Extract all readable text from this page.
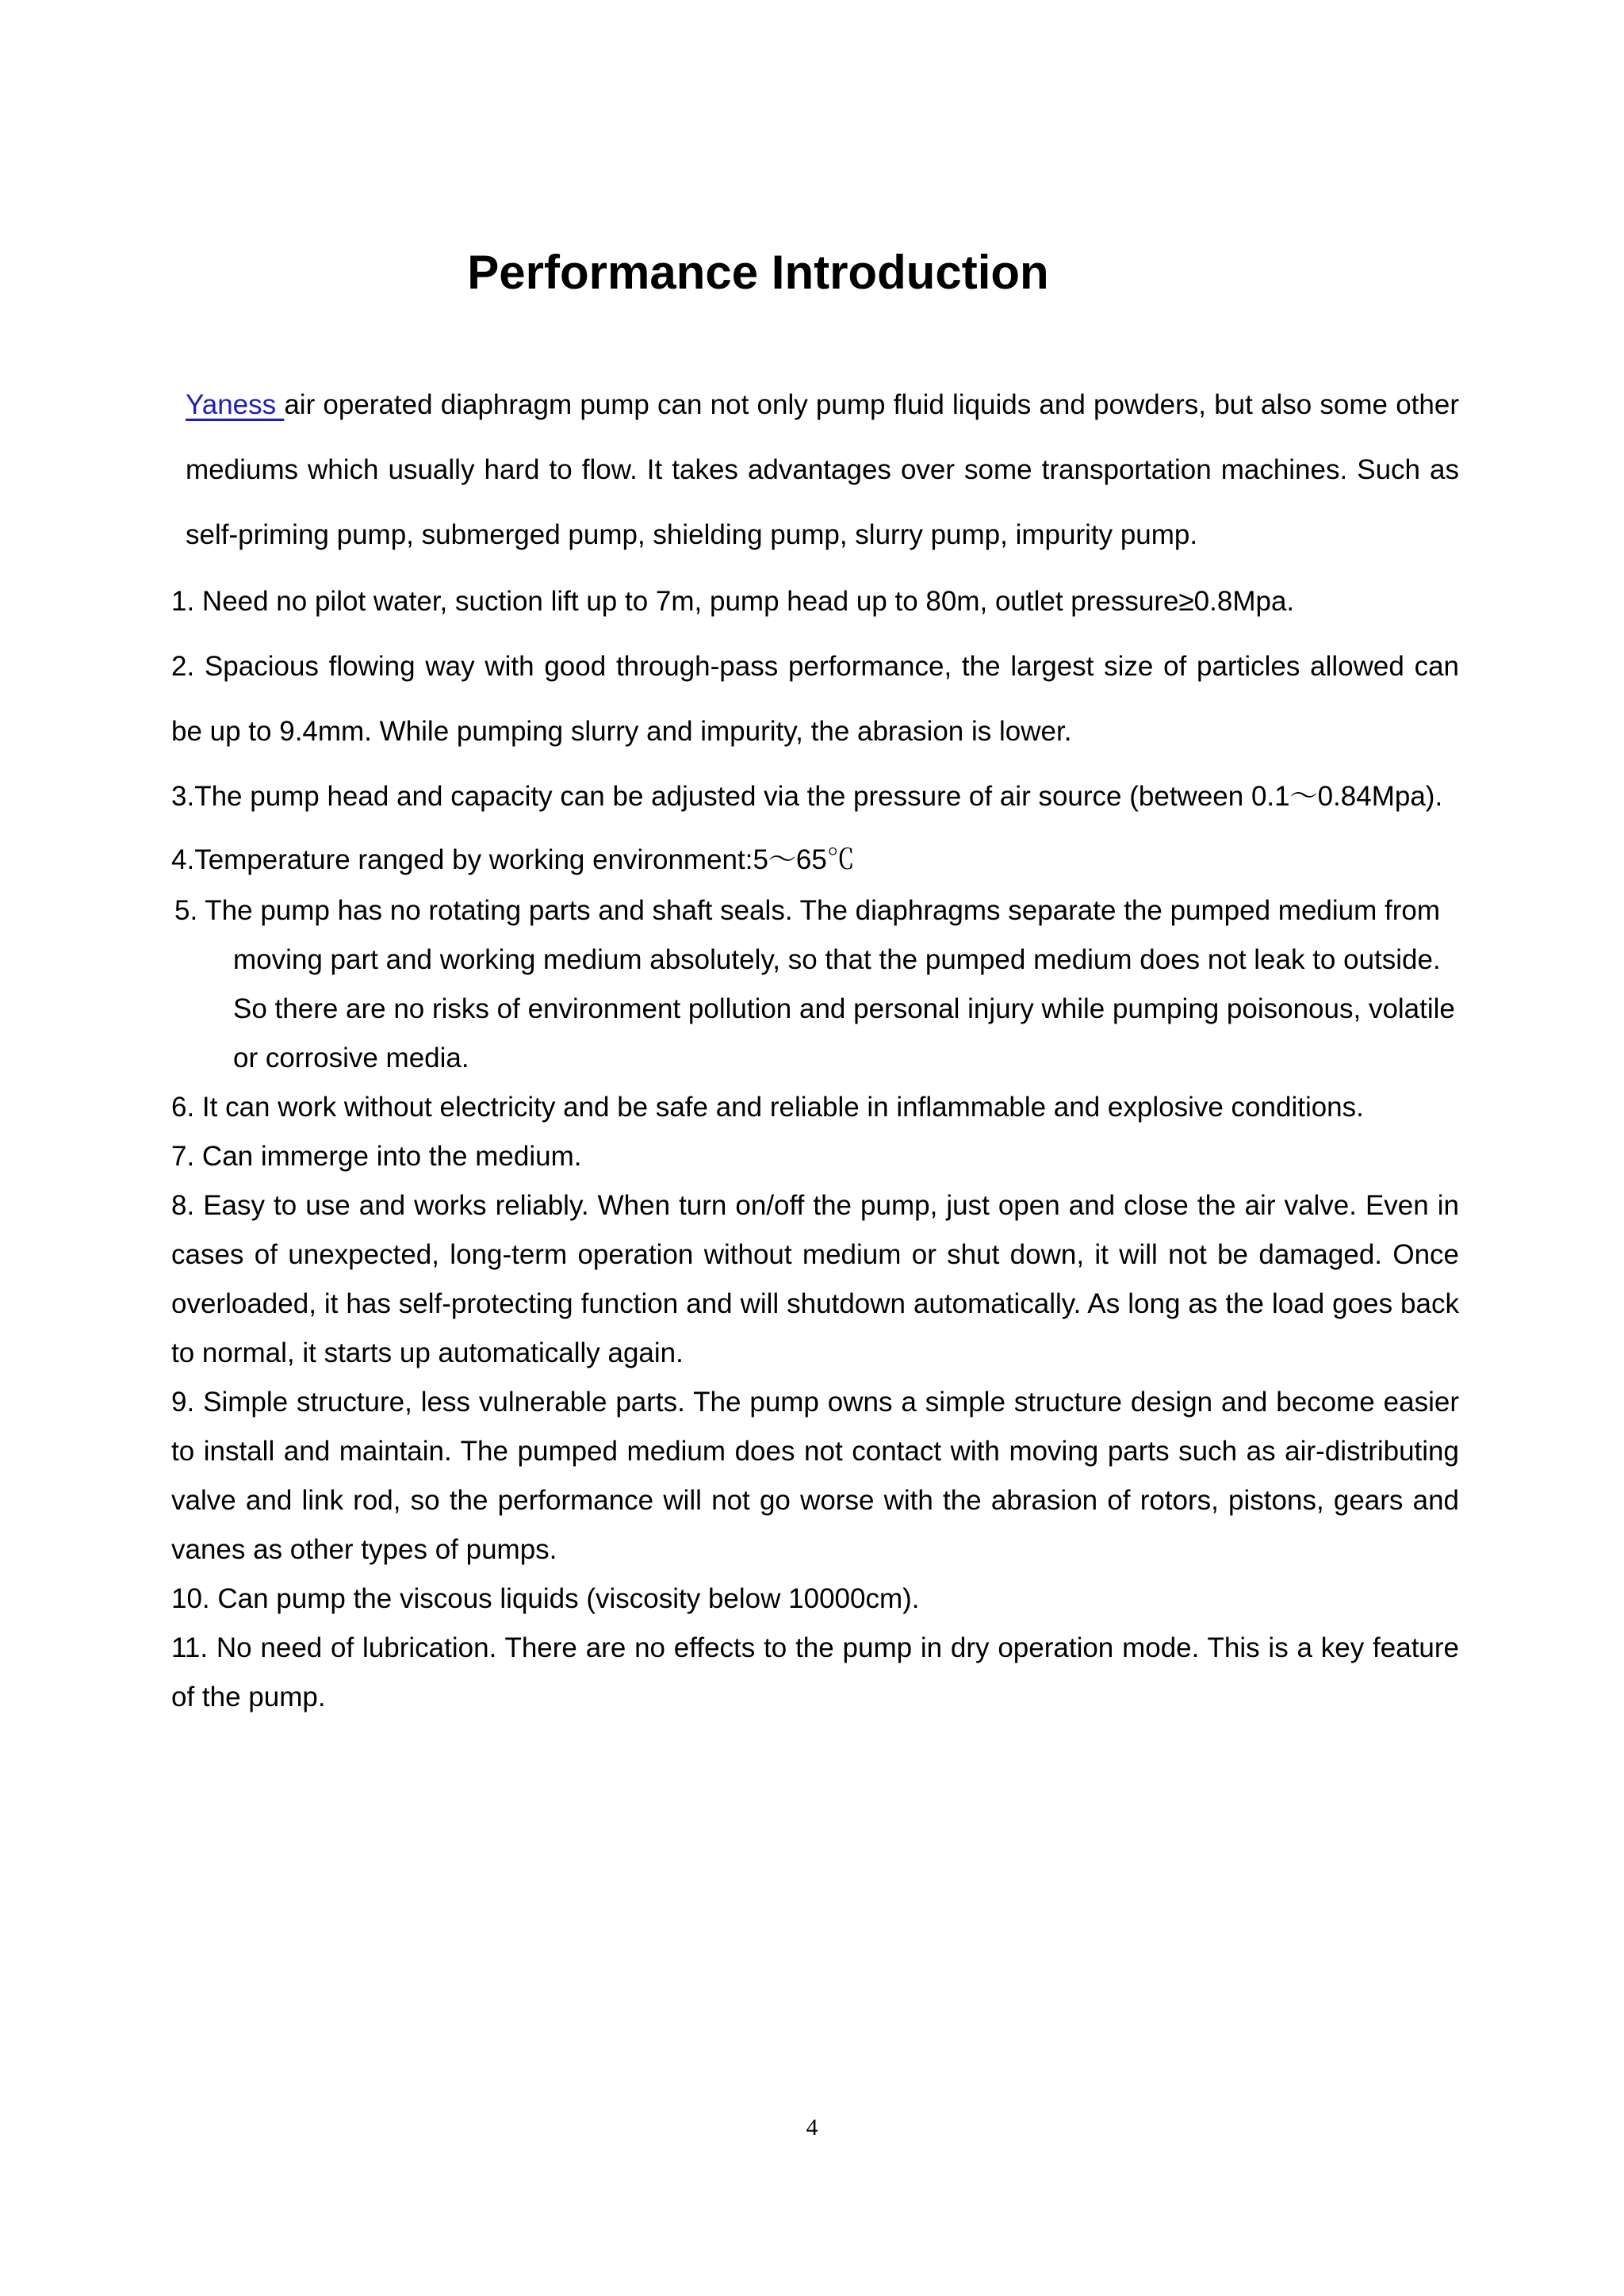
Performance Introduction

Yaness air operated diaphragm pump can not only pump fluid liquids and powders, but also some other mediums which usually hard to flow. It takes advantages over some transportation machines. Such as self-priming pump, submerged pump, shielding pump, slurry pump, impurity pump.

1. Need no pilot water, suction lift up to 7m, pump head up to 80m, outlet pressure≥0.8Mpa.

2. Spacious flowing way with good through-pass performance, the largest size of particles allowed can be up to 9.4mm. While pumping slurry and impurity, the abrasion is lower.

3.The pump head and capacity can be adjusted via the pressure of air source (between 0.1～0.84Mpa).

4.Temperature ranged by working environment:5～65℃

5. The pump has no rotating parts and shaft seals. The diaphragms separate the pumped medium from moving part and working medium absolutely, so that the pumped medium does not leak to outside. So there are no risks of environment pollution and personal injury while pumping poisonous, volatile or corrosive media.

6. It can work without electricity and be safe and reliable in inflammable and explosive conditions.

7. Can immerge into the medium.

8. Easy to use and works reliably. When turn on/off the pump, just open and close the air valve. Even in cases of unexpected, long-term operation without medium or shut down, it will not be damaged. Once overloaded, it has self-protecting function and will shutdown automatically. As long as the load goes back to normal, it starts up automatically again.

9. Simple structure, less vulnerable parts. The pump owns a simple structure design and become easier to install and maintain. The pumped medium does not contact with moving parts such as air-distributing valve and link rod, so the performance will not go worse with the abrasion of rotors, pistons, gears and vanes as other types of pumps.

10. Can pump the viscous liquids (viscosity below 10000cm).

11. No need of lubrication. There are no effects to the pump in dry operation mode. This is a key feature of the pump.

4
